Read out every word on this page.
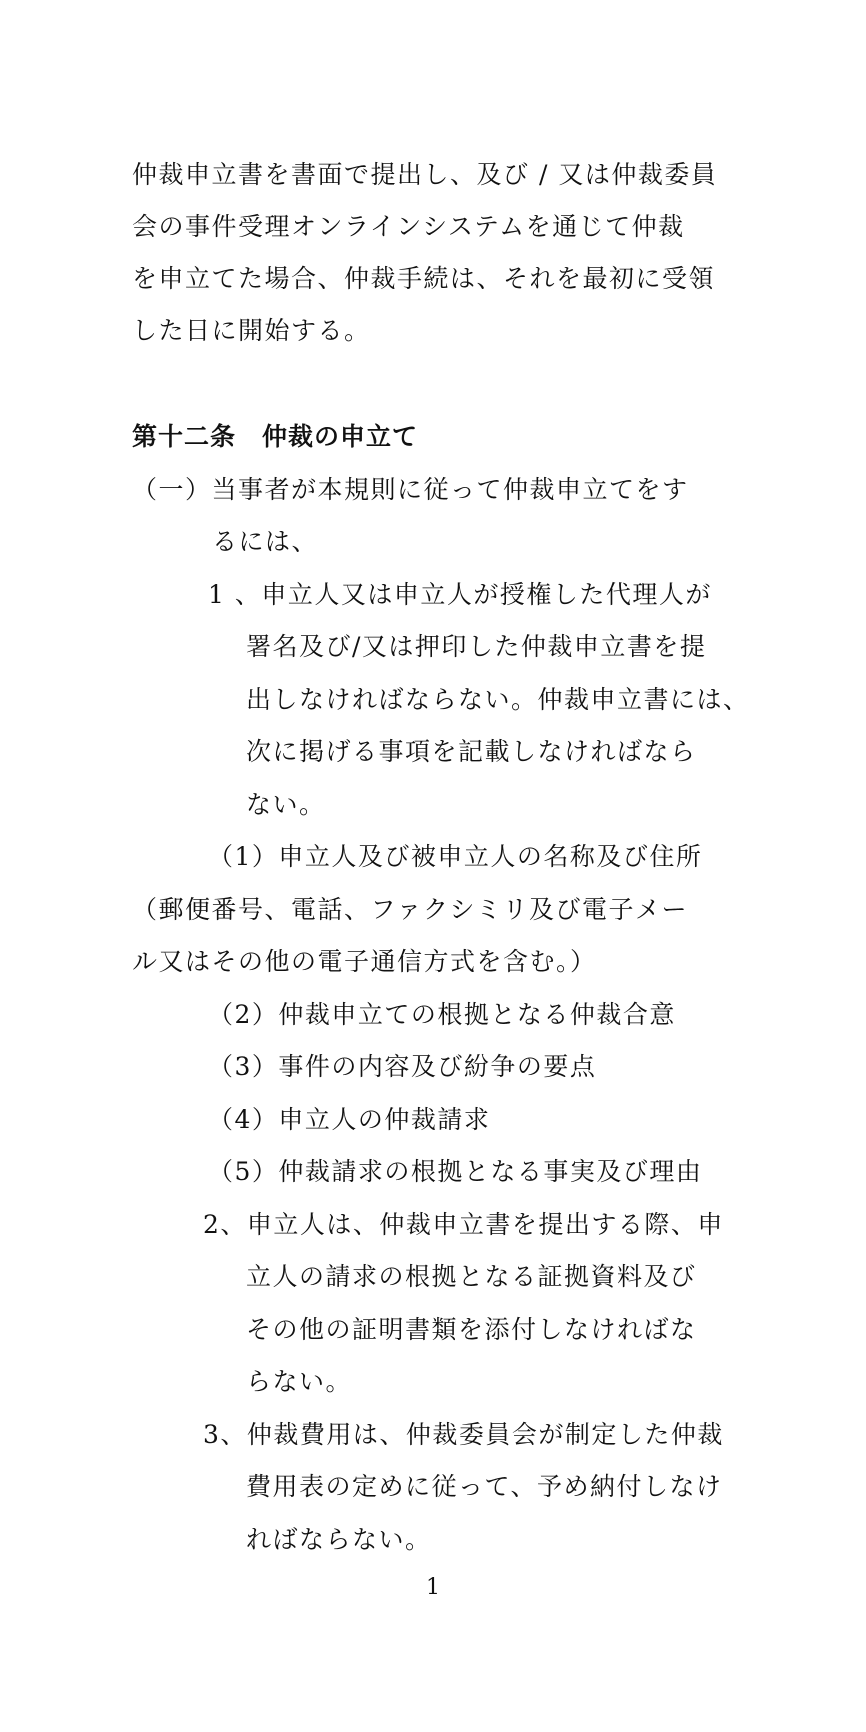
仲裁申立書を書面で提出し、及び / 又は仲裁委員
会の事件受理オンラインシステムを通じて仲裁
を申立てた場合、仲裁手続は、それを最初に受領
した日に開始する。
第十二条　仲裁の申立て
（一）当事者が本規則に従って仲裁申立てをす
るには、
1 、申立人又は申立人が授権した代理人が
署名及び/又は押印した仲裁申立書を提
出しなければならない。仲裁申立書には、
次に掲げる事項を記載しなければなら
ない。
（1）申立人及び被申立人の名称及び住所
（郵便番号、電話、ファクシミリ及び電子メー
ル又はその他の電子通信方式を含む。）
（2）仲裁申立ての根拠となる仲裁合意
（3）事件の内容及び紛争の要点
（4）申立人の仲裁請求
（5）仲裁請求の根拠となる事実及び理由
2、申立人は、仲裁申立書を提出する際、申
立人の請求の根拠となる証拠資料及び
その他の証明書類を添付しなければな
らない。
3、仲裁費用は、仲裁委員会が制定した仲裁
費用表の定めに従って、予め納付しなけ
ればならない。
1
